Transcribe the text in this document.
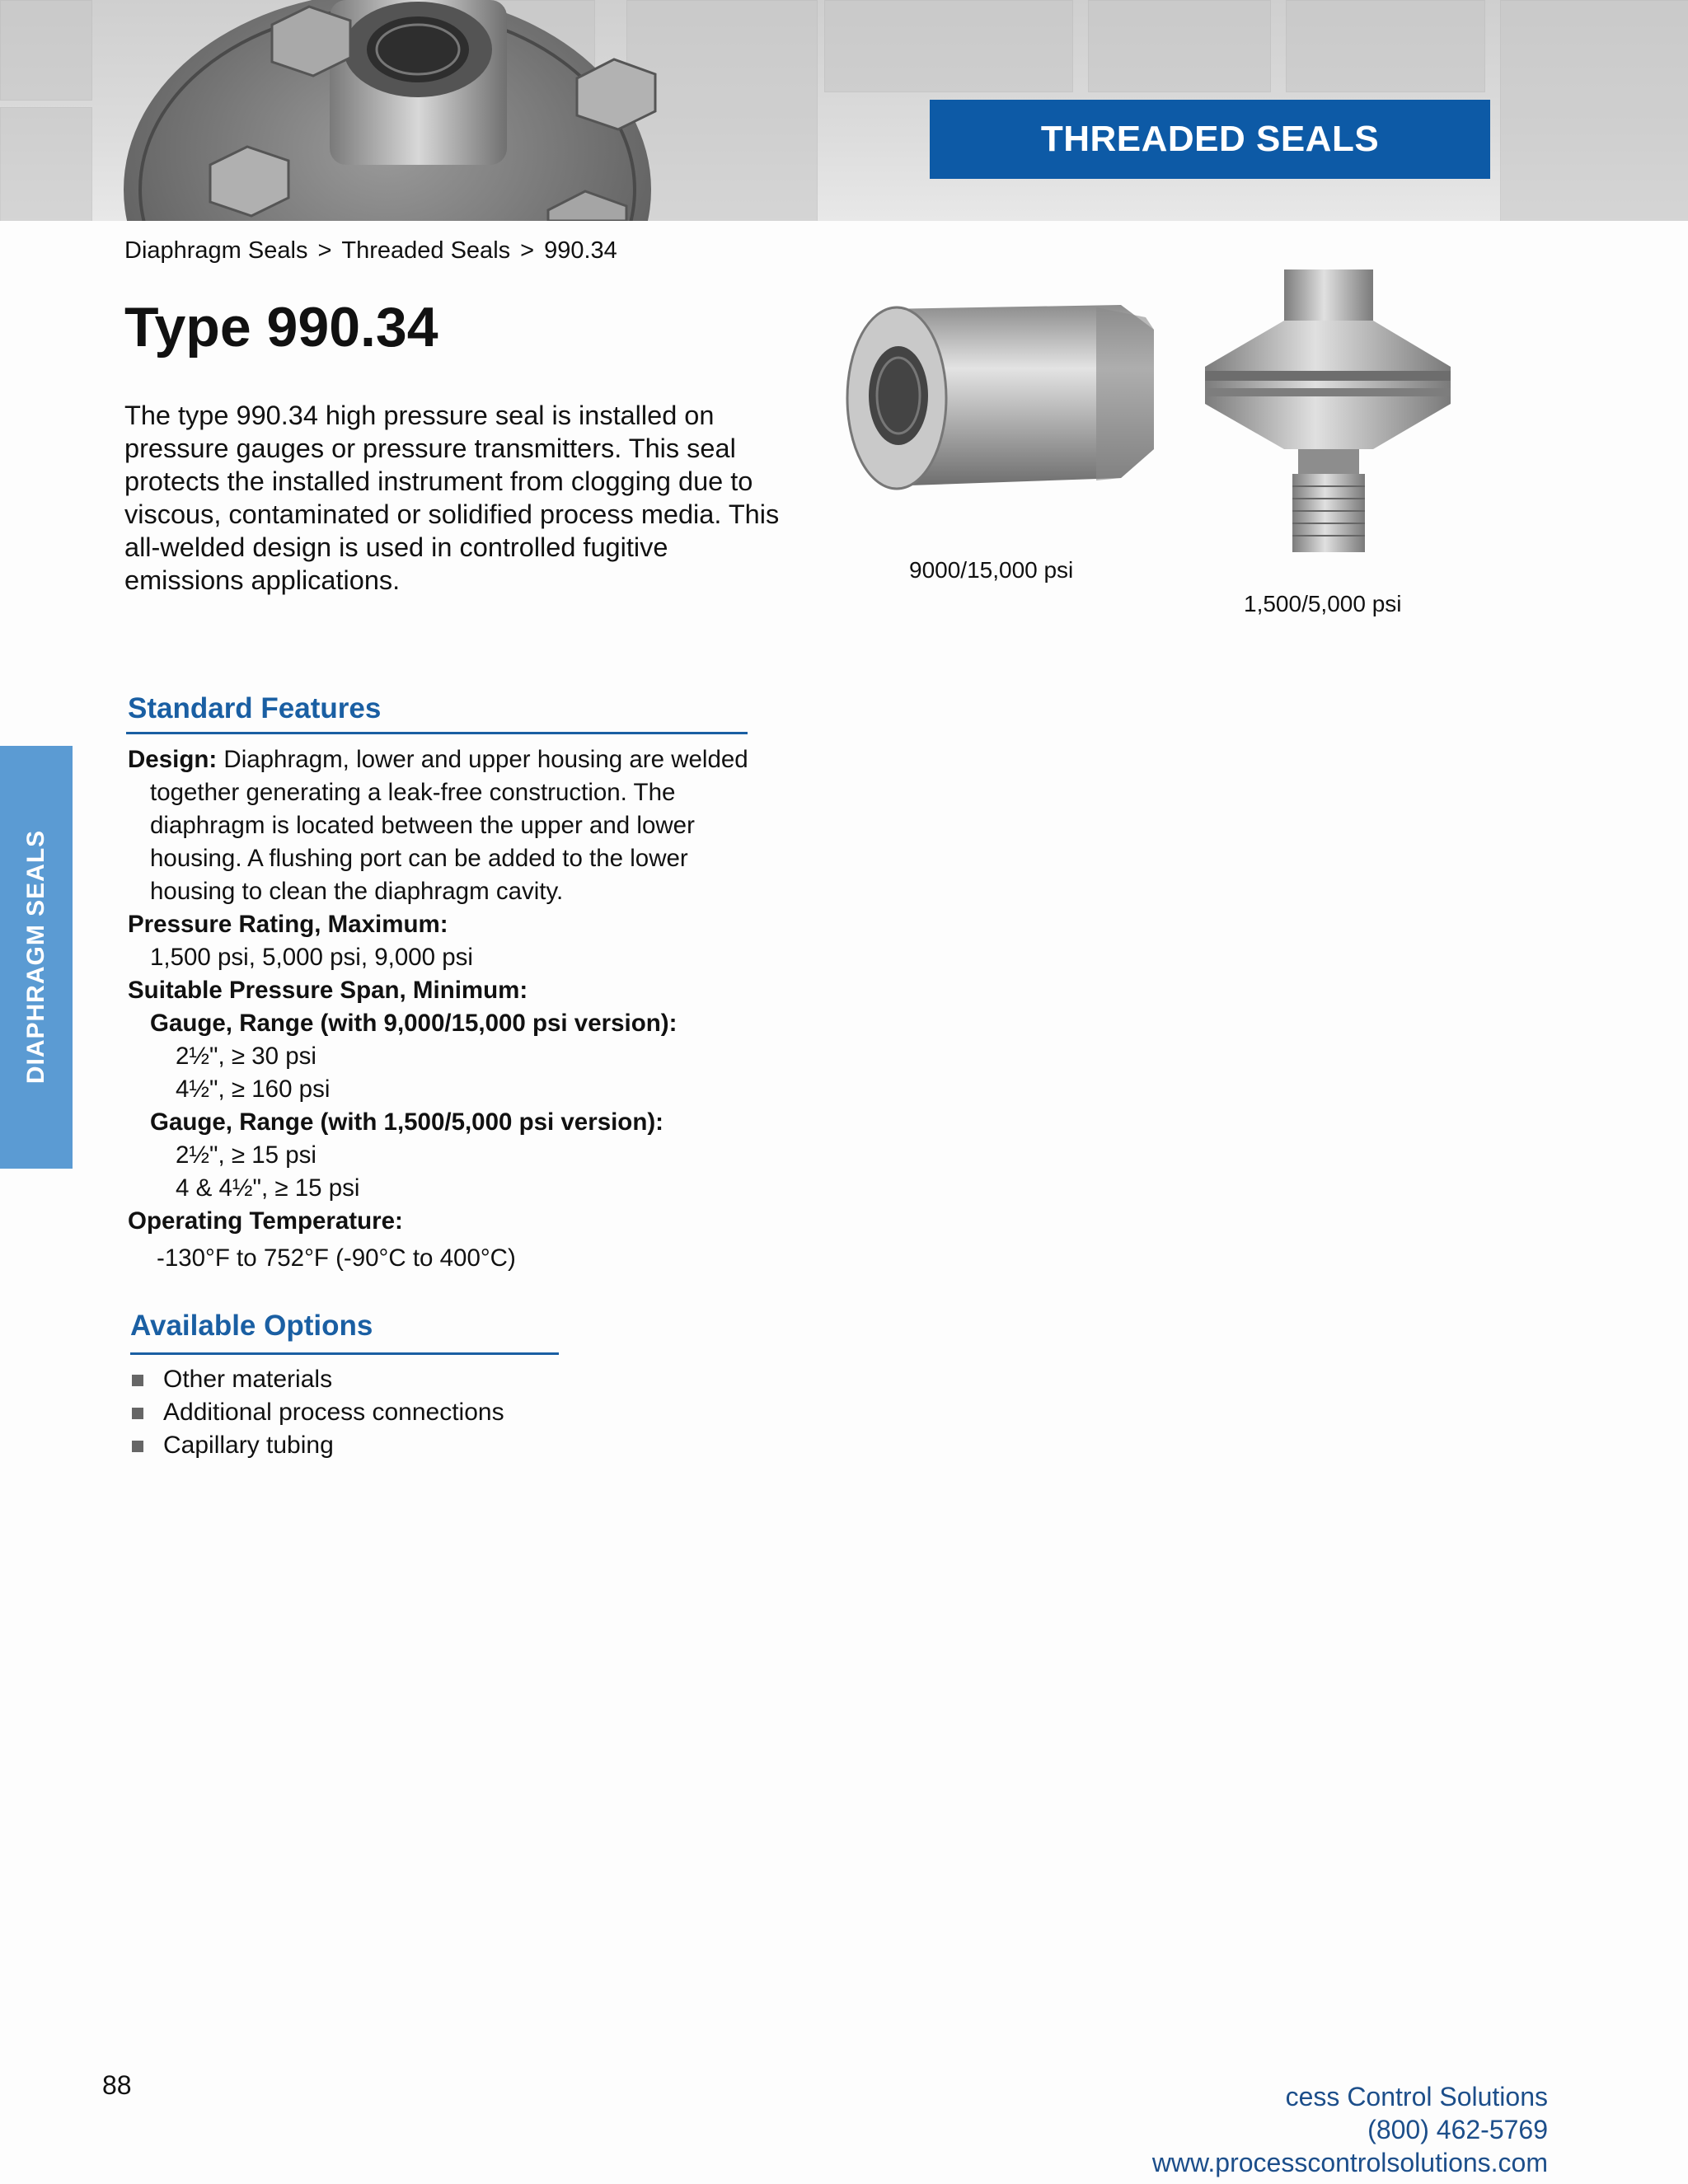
THREADED SEALS
DIAPHRAGM SEALS
Diaphragm Seals > Threaded Seals > 990.34
Type 990.34

The type 990.34 high pressure seal is installed on pressure gauges or pressure transmitters. This seal protects the installed instrument from clogging due to viscous, contaminated or solidified process media. This all-welded design is used in controlled fugitive emissions applications.	9000/15,000 psi
1,500/5,000 psi
Standard Features
Design: Diaphragm, lower and upper housing are welded
together generating a leak-free construction. The
diaphragm is located between the upper and lower
housing. A flushing port can be added to the lower
housing to clean the diaphragm cavity.
Pressure Rating, Maximum:
1,500 psi, 5,000 psi, 9,000 psi
Suitable Pressure Span, Minimum:
Gauge, Range (with 9,000/15,000 psi version):
2½", ≥ 30 psi
4½", ≥ 160 psi
Gauge, Range (with 1,500/5,000 psi version):
2½", ≥ 15 psi
4 & 4½", ≥ 15 psi
Operating Temperature:
-130°F to 752°F (-90°C to 400°C)
Available Options
Other materials
Additional process connections
Capillary tubing
88	cess Control Solutions
(800) 462-5769
www.processcontrolsolutions.com
